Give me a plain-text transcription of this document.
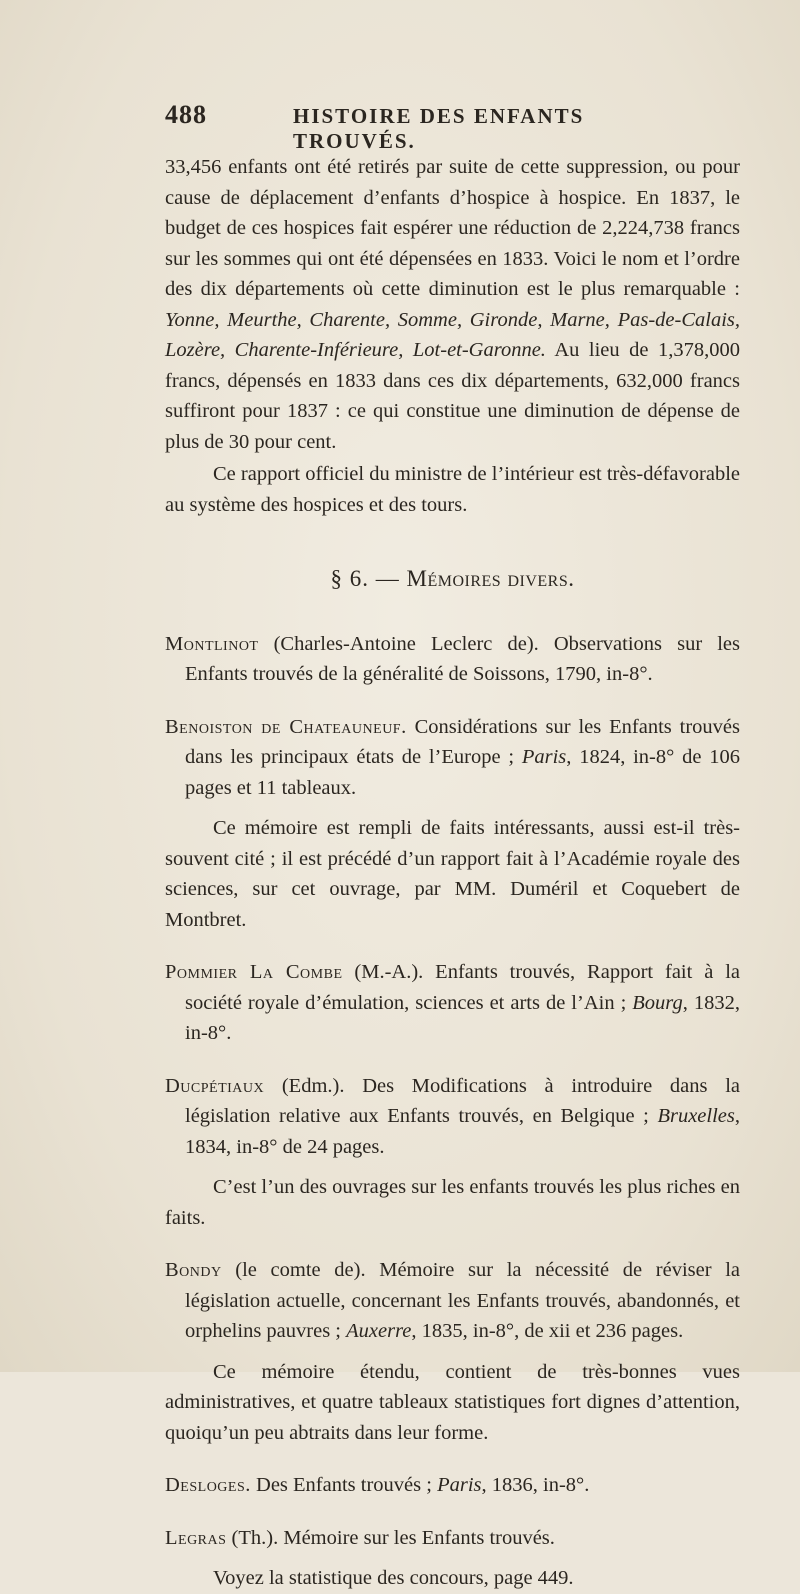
488	HISTOIRE DES ENFANTS TROUVÉS.

33,456 enfants ont été retirés par suite de cette suppression, ou pour cause de déplacement d’enfants d’hospice à hospice. En 1837, le budget de ces hospices fait espérer une réduction de 2,224,738 francs sur les sommes qui ont été dépensées en 1833. Voici le nom et l’ordre des dix départements où cette diminution est le plus remarquable : Yonne, Meurthe, Charente, Somme, Gironde, Marne, Pas-de-Calais, Lozère, Charente-Inférieure, Lot-et-Garonne. Au lieu de 1,378,000 francs, dépensés en 1833 dans ces dix départements, 632,000 francs suffiront pour 1837 : ce qui constitue une diminution de dépense de plus de 30 pour cent.

Ce rapport officiel du ministre de l’intérieur est très-défavorable au système des hospices et des tours.

§ 6. — Mémoires divers.

Montlinot (Charles-Antoine Leclerc de). Observations sur les Enfants trouvés de la généralité de Soissons, 1790, in-8°.

Benoiston de Chateauneuf. Considérations sur les Enfants trouvés dans les principaux états de l’Europe ; Paris, 1824, in-8° de 106 pages et 11 tableaux.

Ce mémoire est rempli de faits intéressants, aussi est-il très-souvent cité ; il est précédé d’un rapport fait à l’Académie royale des sciences, sur cet ouvrage, par MM. Duméril et Coquebert de Montbret.

Pommier La Combe (M.-A.). Enfants trouvés, Rapport fait à la société royale d’émulation, sciences et arts de l’Ain ; Bourg, 1832, in-8°.

Ducpétiaux (Edm.). Des Modifications à introduire dans la législation relative aux Enfants trouvés, en Belgique ; Bruxelles, 1834, in-8° de 24 pages.

C’est l’un des ouvrages sur les enfants trouvés les plus riches en faits.

Bondy (le comte de). Mémoire sur la nécessité de réviser la législation actuelle, concernant les Enfants trouvés, abandonnés, et orphelins pauvres ; Auxerre, 1835, in-8°, de xii et 236 pages.

Ce mémoire étendu, contient de très-bonnes vues administratives, et quatre tableaux statistiques fort dignes d’attention, quoiqu’un peu abtraits dans leur forme.

Desloges. Des Enfants trouvés ; Paris, 1836, in-8°.

Legras (Th.). Mémoire sur les Enfants trouvés.

Voyez la statistique des concours, page 449.
